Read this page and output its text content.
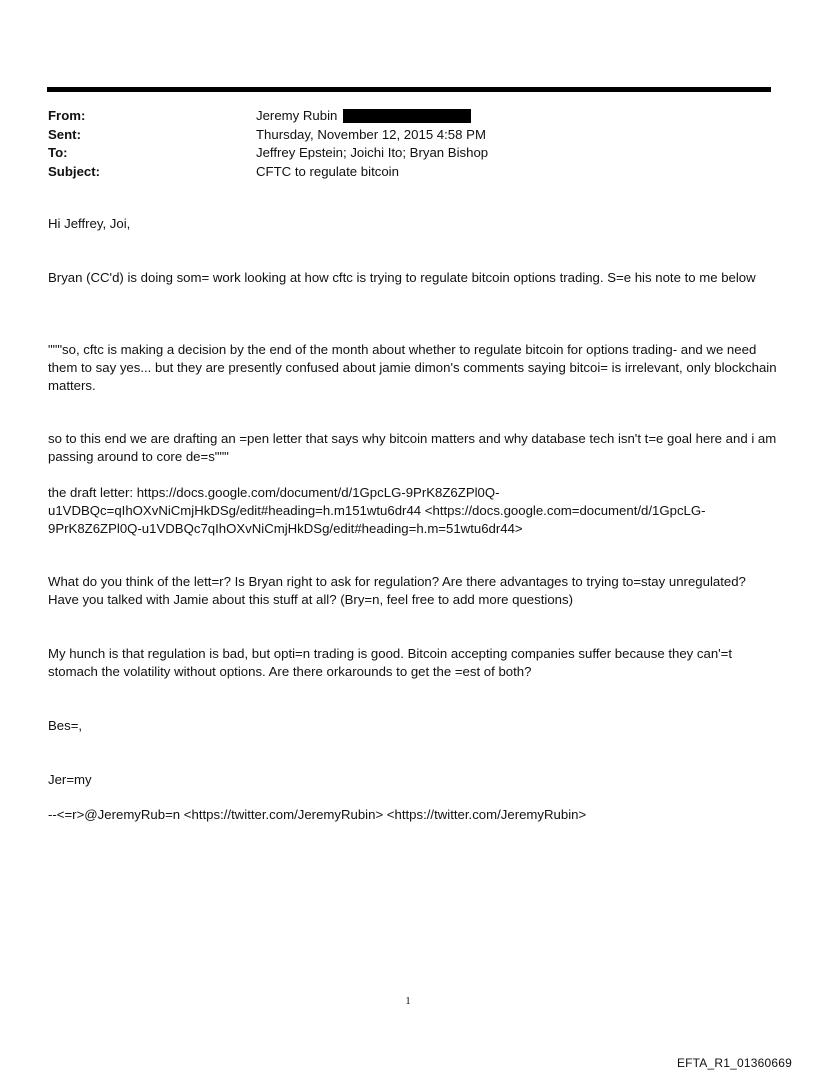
From:	Jeremy Rubin
Sent:	Thursday, November 12, 2015 4:58 PM
To:	Jeffrey Epstein; Joichi Ito; Bryan Bishop
Subject:	CFTC to regulate bitcoin
Hi Jeffrey, Joi,
Bryan (CC'd) is doing som= work looking at how cftc is trying to regulate bitcoin options trading. S=e his note to me below
"""so, cftc is making a decision by the end of the month about whether to regulate bitcoin for options trading- and we need them to say yes... but they are presently confused about jamie dimon's comments saying bitcoi= is irrelevant, only blockchain matters.
so to this end we are drafting an =pen letter that says why bitcoin matters and why database tech isn't t=e goal here and i am passing around to core de=s"""
the draft letter: https://docs.google.com/document/d/1GpcLG-9PrK8Z6ZPl0Q-u1VDBQc=qIhOXvNiCmjHkDSg/edit#heading=h.m151wtu6dr44 <https://docs.google.com=document/d/1GpcLG-9PrK8Z6ZPl0Q-u1VDBQc7qIhOXvNiCmjHkDSg/edit#heading=h.m=51wtu6dr44>
What do you think of the lett=r? Is Bryan right to ask for regulation? Are there advantages to trying to=stay unregulated? Have you talked with Jamie about this stuff at all? (Bry=n, feel free to add more questions)
My hunch is that regulation is bad, but opti=n trading is good. Bitcoin accepting companies suffer because they can'=t stomach the volatility without options. Are there orkarounds to get the =est of both?
Bes=,
Jer=my
--<=r>@JeremyRub=n <https://twitter.com/JeremyRubin> <https://twitter.com/JeremyRubin>
1
EFTA_R1_01360669
